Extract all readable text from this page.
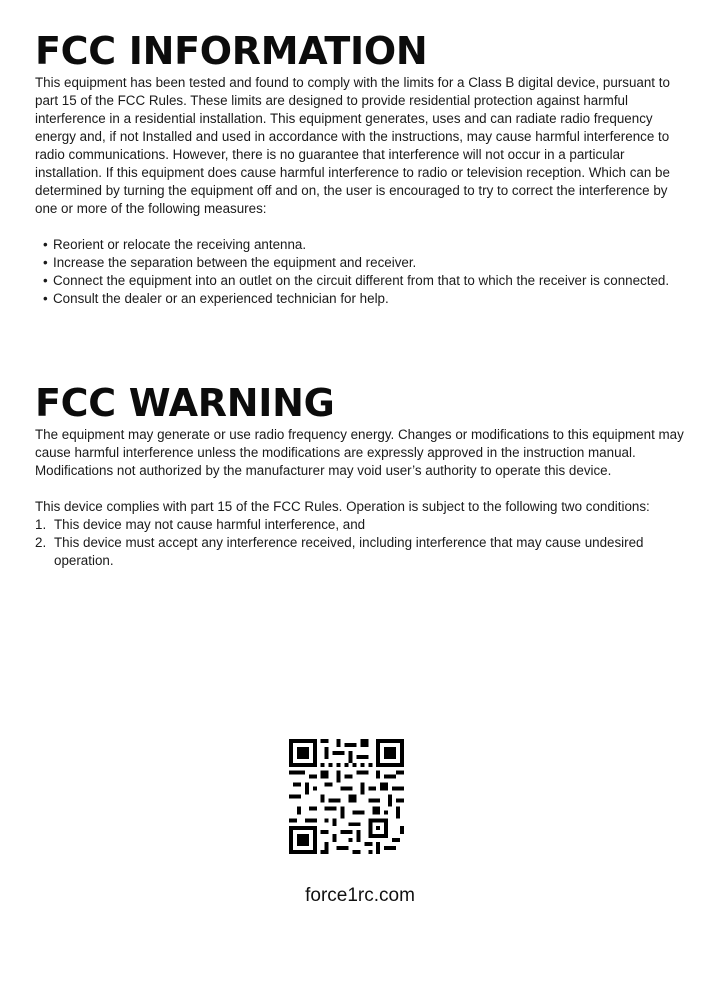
FCC INFORMATION

This equipment has been tested and found to comply with the limits for a Class B digital device, pursuant to part 15 of the FCC Rules. These limits are designed to provide residential protection against harmful interference in a residential installation. This equipment generates, uses and can radiate radio frequency energy and, if not Installed and used in accordance with the instructions, may cause harmful interference to radio communications. However, there is no guarantee that interference will not occur in a particular installation. If this equipment does cause harmful interference to radio or television reception. Which can be determined by turning the equipment off and on, the user is encouraged to try to correct the interference by one or more of the following measures:

• Reorient or relocate the receiving antenna.
• Increase the separation between the equipment and receiver.
• Connect the equipment into an outlet on the circuit different from that to which the receiver is connected.
• Consult the dealer or an experienced technician for help.
FCC WARNING

The equipment may generate or use radio frequency energy. Changes or modifications to this equipment may cause harmful interference unless the modifications are expressly approved in the instruction manual. Modifications not authorized by the manufacturer may void user’s authority to operate this device.

This device complies with part 15 of the FCC Rules. Operation is subject to the following two conditions:

1. This device may not cause harmful interference, and
2. This device must accept any interference received, including interference that may cause undesired operation.
force1rc.com
